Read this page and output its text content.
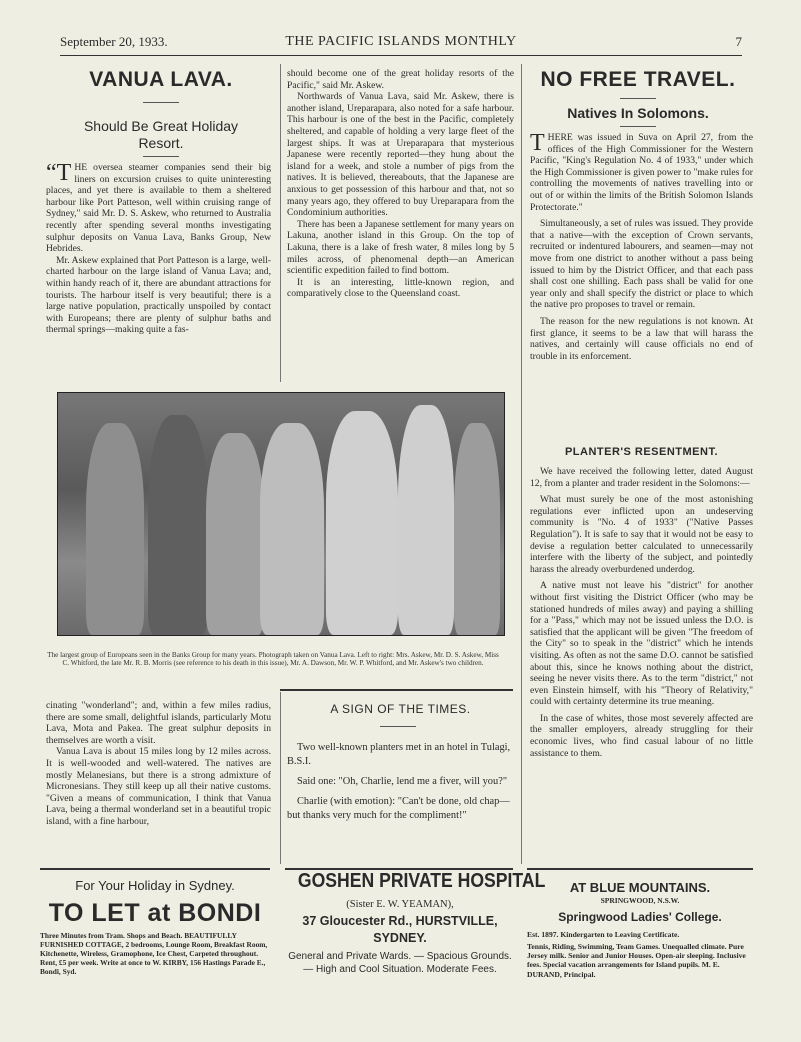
September 20, 1933.	THE PACIFIC ISLANDS MONTHLY	7
VANUA LAVA.
Should Be Great Holiday
Resort.

“THE oversea steamer companies send their big liners on excursion cruises to quite uninteresting places, and yet there is available to them a sheltered harbour like Port Patteson, well within cruising range of Sydney," said Mr. D. S. Askew, who returned to Australia recently after spending several months investigating sulphur deposits on Vanua Lava, Banks Group, New Hebrides.

Mr. Askew explained that Port Patteson is a large, well-charted harbour on the large island of Vanua Lava; and, within handy reach of it, there are abundant attractions for tourists. The harbour itself is very beautiful; there is a large native population, practically unspoiled by contact with Europeans; there are plenty of sulphur baths and thermal springs—making quite a fas-

cinating "wonderland"; and, within a few miles radius, there are some small, delightful islands, particularly Motu Lava, Mota and Pakea. The great sulphur deposits in themselves are worth a visit.

Vanua Lava is about 15 miles long by 12 miles across. It is well-wooded and well-watered. The natives are mostly Melanesians, but there is a strong admixture of Micronesians. They still keep up all their native customs. "Given a means of communication, I think that Vanua Lava, being a thermal wonderland set in a beautiful tropic island, with a fine harbour,

should become one of the great holiday resorts of the Pacific," said Mr. Askew.

Northwards of Vanua Lava, said Mr. Askew, there is another island, Ureparapara, also noted for a safe harbour. This harbour is one of the best in the Pacific, completely sheltered, and capable of holding a very large fleet of the largest ships. It was at Ureparapara that mysterious Japanese were recently reported—they hung about the island for a week, and stole a number of pigs from the natives. It is believed, thereabouts, that the Japanese are anxious to get possession of this harbour and that, not so many years ago, they offered to buy Ureparapara from the Condominium authorities.

There has been a Japanese settlement for many years on Lakuna, another island in this Group. On the top of Lakuna, there is a lake of fresh water, 8 miles long by 5 miles across, of phenomenal depth—an American scientific expedition failed to find bottom.

It is an interesting, little-known region, and comparatively close to the Queensland coast.

The largest group of Europeans seen in the Banks Group for many years. Photograph taken on Vanua Lava. Left to right: Mrs. Askew, Mr. D. S. Askew, Miss C. Whitford, the late Mr. R. B. Morris (see reference to his death in this issue), Mr. A. Dawson, Mr. W. P. Whitford, and Mr. Askew's two children.
A SIGN OF THE TIMES.

Two well-known planters met in an hotel in Tulagi, B.S.I.

Said one: "Oh, Charlie, lend me a fiver, will you?"

Charlie (with emotion): "Can't be done, old chap—but thanks very much for the compliment!"

NO FREE TRAVEL.
Natives In Solomons.

THERE was issued in Suva on April 27, from the offices of the High Commissioner for the Western Pacific, "King's Regulation No. 4 of 1933," under which the High Commissioner is given power to "make rules for controlling the movements of natives travelling into or out of or within the limits of the British Solomon Islands Protectorate."

Simultaneously, a set of rules was issued. They provide that a native—with the exception of Crown servants, recruited or indentured labourers, and seamen—may not move from one district to another without a pass being issued to him by the District Officer, and that each pass shall cost one shilling. Each pass shall be valid for one year only and shall specify the district or place to which the native pro proposes to travel or remain.

The reason for the new regulations is not known. At first glance, it seems to be a law that will harass the natives, and certainly will cause officials no end of trouble in its enforcement.

PLANTER'S RESENTMENT.

We have received the following letter, dated August 12, from a planter and trader resident in the Solomons:—

What must surely be one of the most astonishing regulations ever inflicted upon an undeserving community is "No. 4 of 1933" ("Native Passes Regulation"). It is safe to say that it would not be easy to devise a regulation better calculated to unnecessarily interfere with the liberty of the subject, and pointedly harass the already overburdened underdog.

A native must not leave his "district" for another without first visiting the District Officer (who may be stationed hundreds of miles away) and paying a shilling for a "Pass," which may not be issued unless the D.O. is satisfied that the applicant will be given "The freedom of the City" so to speak in the "district" which he intends visiting. As often as not the same D.O. cannot be satisfied about this, since he knows nothing about the district, seeing he never visits there. As to the term "district," not even Einstein himself, with his "Theory of Relativity," could with certainty determine its true meaning.

In the case of whites, those most severely affected are the smaller employers, already struggling for their economic lives, who find casual labour of no little assistance to them.

For Your Holiday in Sydney.
TO LET at BONDI
Three Minutes from Tram. Shops and Beach. BEAUTIFULLY FURNISHED COTTAGE, 2 bedrooms, Lounge Room, Breakfast Room, Kitchenette, Wireless, Gramophone, Ice Chest, Carpeted throughout. Rent, £5 per week. Write at once to W. KIRBY, 156 Hastings Parade E., Bondi, Syd.
GOSHEN PRIVATE HOSPITAL
(Sister E. W. YEAMAN),
37 Gloucester Rd., HURSTVILLE,
SYDNEY.
General and Private Wards. — Spacious Grounds. — High and Cool Situation. Moderate Fees.
AT BLUE MOUNTAINS.
SPRINGWOOD, N.S.W.
Springwood Ladies' College.
Est. 1897. Kindergarten to Leaving Certificate.
Tennis, Riding, Swimming, Team Games. Unequalled climate. Pure Jersey milk. Senior and Junior Houses. Open-air sleeping. Inclusive fees. Special vacation arrangements for Island pupils. M. E. DURAND, Principal.
